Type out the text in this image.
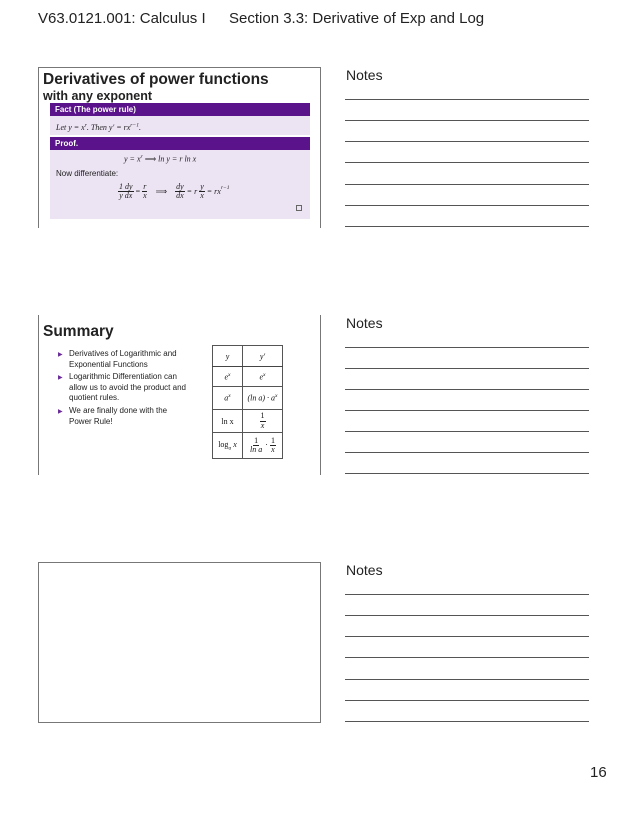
V63.0121.001: Calculus I Section 3.3: Derivative of Exp and Log
Derivatives of power functions
with any exponent
Fact (The power rule)
Let $y = x^r$. Then $y' = rx^{r-1}$.
Proof.
$y = x^r$ ⟹ ln y = r ln x
Now differentiate:
$\frac{1 dy}{\text{y dx}} = \frac{r}{x}$ ⟹ $\frac{dy}{dx} = r \frac{y}{x} = rx^{r-1}$
Summary
▶ Derivatives of Logarithmic and Exponential Functions
▶ Logarithmic Differentiation can allow us to avoid the product and quotient rules.
▶ We are finally done with the Power Rule!
y	y′
$e^x$	$e^x$
$a^x$	(ln $a) \cdot a^x$
ln x	$\frac{1}{x}$

$\log_a x$	$\frac{1}{\text{ln a}} \cdot \frac{1}{x}$
Notes
Notes
Notes
16
